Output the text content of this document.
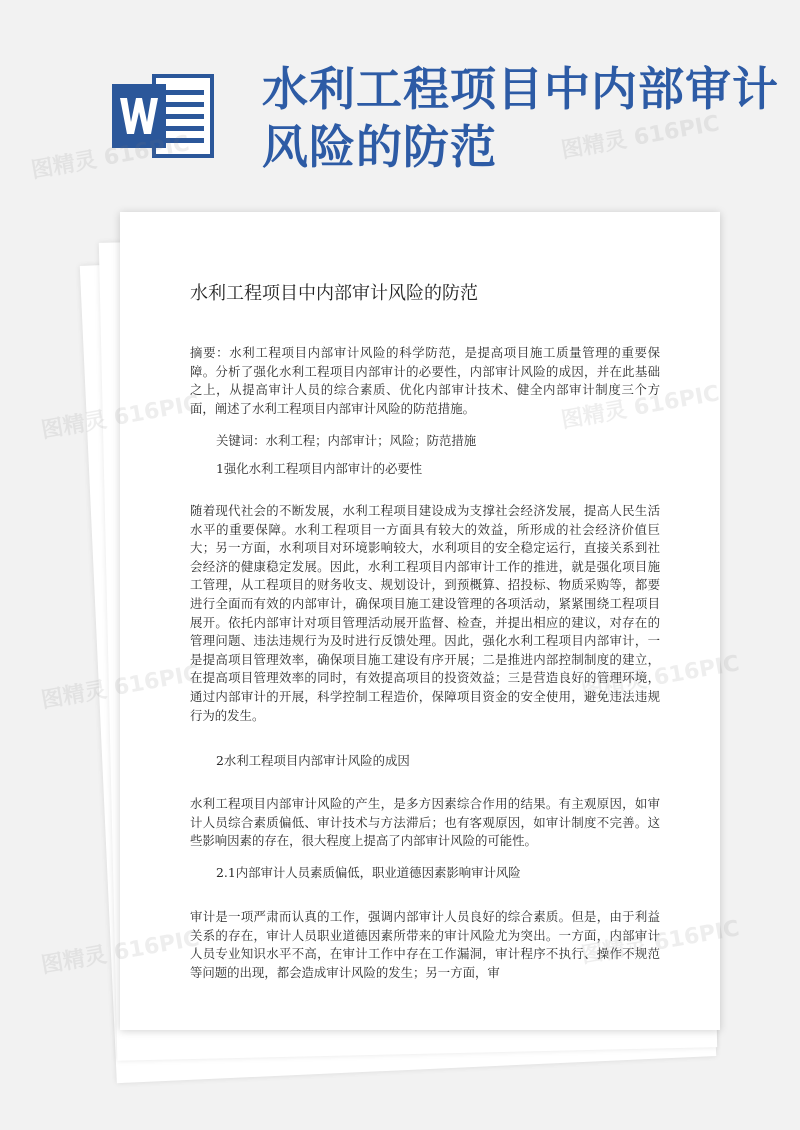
水利工程项目中内部审计风险的防范
水利工程项目中内部审计风险的防范

摘要：水利工程项目内部审计风险的科学防范，是提高项目施工质量管理的重要保障。分析了强化水利工程项目内部审计的必要性，内部审计风险的成因，并在此基础之上，从提高审计人员的综合素质、优化内部审计技术、健全内部审计制度三个方面，阐述了水利工程项目内部审计风险的防范措施。

关键词：水利工程；内部审计；风险；防范措施

1强化水利工程项目内部审计的必要性

随着现代社会的不断发展，水利工程项目建设成为支撑社会经济发展，提高人民生活水平的重要保障。水利工程项目一方面具有较大的效益，所形成的社会经济价值巨大；另一方面，水利项目对环境影响较大，水利项目的安全稳定运行，直接关系到社会经济的健康稳定发展。因此，水利工程项目内部审计工作的推进，就是强化项目施工管理，从工程项目的财务收支、规划设计，到预概算、招投标、物质采购等，都要进行全面而有效的内部审计，确保项目施工建设管理的各项活动，紧紧围绕工程项目展开。依托内部审计对项目管理活动展开监督、检查，并提出相应的建议，对存在的管理问题、违法违规行为及时进行反馈处理。因此，强化水利工程项目内部审计，一是提高项目管理效率，确保项目施工建设有序开展；二是推进内部控制制度的建立，在提高项目管理效率的同时，有效提高项目的投资效益；三是营造良好的管理环境，通过内部审计的开展，科学控制工程造价，保障项目资金的安全使用，避免违法违规行为的发生。

2水利工程项目内部审计风险的成因

水利工程项目内部审计风险的产生，是多方因素综合作用的结果。有主观原因，如审计人员综合素质偏低、审计技术与方法滞后；也有客观原因，如审计制度不完善。这些影响因素的存在，很大程度上提高了内部审计风险的可能性。

2.1内部审计人员素质偏低，职业道德因素影响审计风险

审计是一项严肃而认真的工作，强调内部审计人员良好的综合素质。但是，由于利益关系的存在，审计人员职业道德因素所带来的审计风险尤为突出。一方面，内部审计人员专业知识水平不高，在审计工作中存在工作漏洞，审计程序不执行、操作不规范等问题的出现，都会造成审计风险的发生；另一方面，审

图精灵 616PIC	图精灵 616PIC
图精灵
图精灵
图精灵
